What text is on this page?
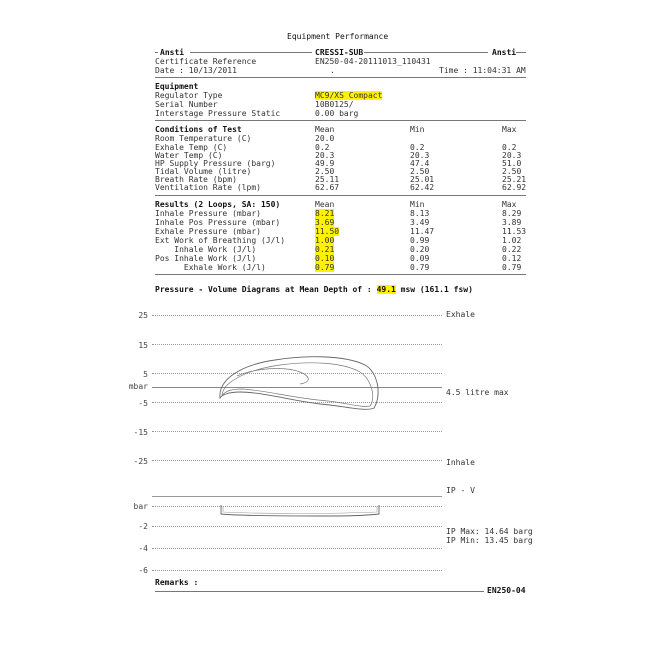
Equipment Performance
Ansti	CRESSI-SUB	Ansti
Certificate Reference	EN250-04-20111013_110431
Date : 10/13/2011	.	Time : 11:04:31 AM
Equipment
Regulator Type	MC9/XS Compact
Serial Number	10B0125/
Interstage Pressure Static	0.00 barg
Conditions of Test	Mean	Min	Max
Room Temperature (C)	20.0
Exhale Temp (C)	0.2	0.2	0.2
Water Temp (C)	20.3	20.3	20.3
HP Supply Pressure (barg)	49.9	47.4	51.0
Tidal Volume (litre)	2.50	2.50	2.50
Breath Rate (bpm)	25.11	25.01	25.21
Ventilation Rate (lpm)	62.67	62.42	62.92
Results (2 Loops, SA: 150)	Mean	Min	Max
Inhale Pressure (mbar)	8.21	8.13	8.29
Inhale Pos Pressure (mbar)	3.69	3.49	3.89
Exhale Pressure (mbar)	11.50	11.47	11.53
Ext Work of Breathing (J/l)	1.00	0.99	1.02
Inhale Work (J/l)	0.21	0.20	0.22
Pos Inhale Work (J/l)	0.10	0.09	0.12
Exhale Work (J/l)	0.79	0.79	0.79
Pressure - Volume Diagrams at Mean Depth of : 49.1 msw (161.1 fsw)
25
15
5
mbar
-5
-15
-25
Exhale
4.5 litre max
Inhale
IP - V
bar
-2
-4
-6
IP Max: 14.64 barg
IP Min: 13.45 barg
Remarks :
EN250-04
